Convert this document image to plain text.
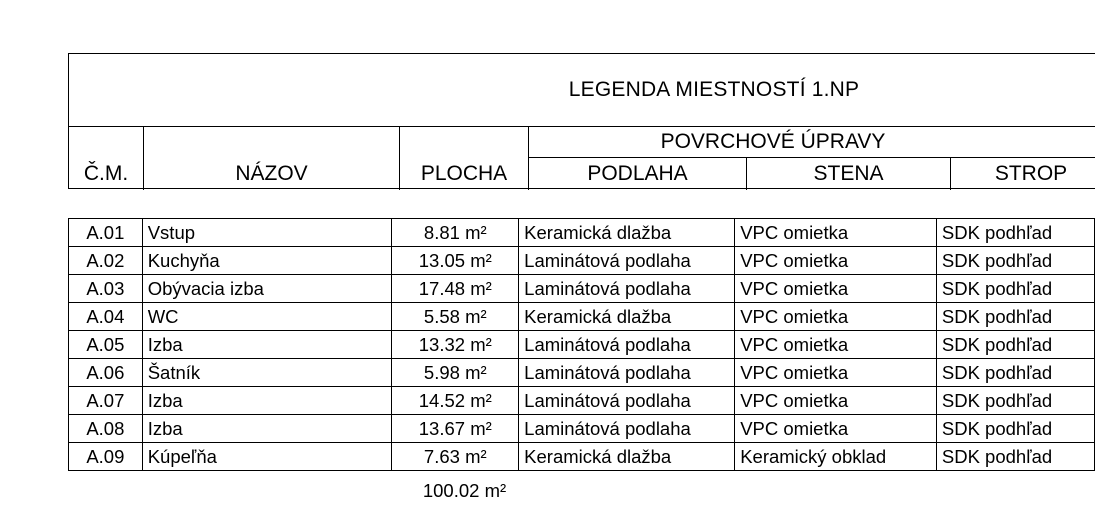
LEGENDA MIESTNOSTÍ 1.NP
Č.M.	NÁZOV	PLOCHA
POVRCHOVÉ ÚPRAVY
PODLAHA	STENA	STROP
A.01	Vstup	8.81 m²	Keramická dlažba	VPC omietka	SDK podhľad
A.02	Kuchyňa	13.05 m²	Laminátová podlaha	VPC omietka	SDK podhľad
A.03	Obývacia izba	17.48 m²	Laminátová podlaha	VPC omietka	SDK podhľad
A.04	WC	5.58 m²	Keramická dlažba	VPC omietka	SDK podhľad
A.05	Izba	13.32 m²	Laminátová podlaha	VPC omietka	SDK podhľad
A.06	Šatník	5.98 m²	Laminátová podlaha	VPC omietka	SDK podhľad
A.07	Izba	14.52 m²	Laminátová podlaha	VPC omietka	SDK podhľad
A.08	Izba	13.67 m²	Laminátová podlaha	VPC omietka	SDK podhľad
A.09	Kúpeľňa	7.63 m²	Keramická dlažba	Keramický obklad	SDK podhľad
100.02 m²
